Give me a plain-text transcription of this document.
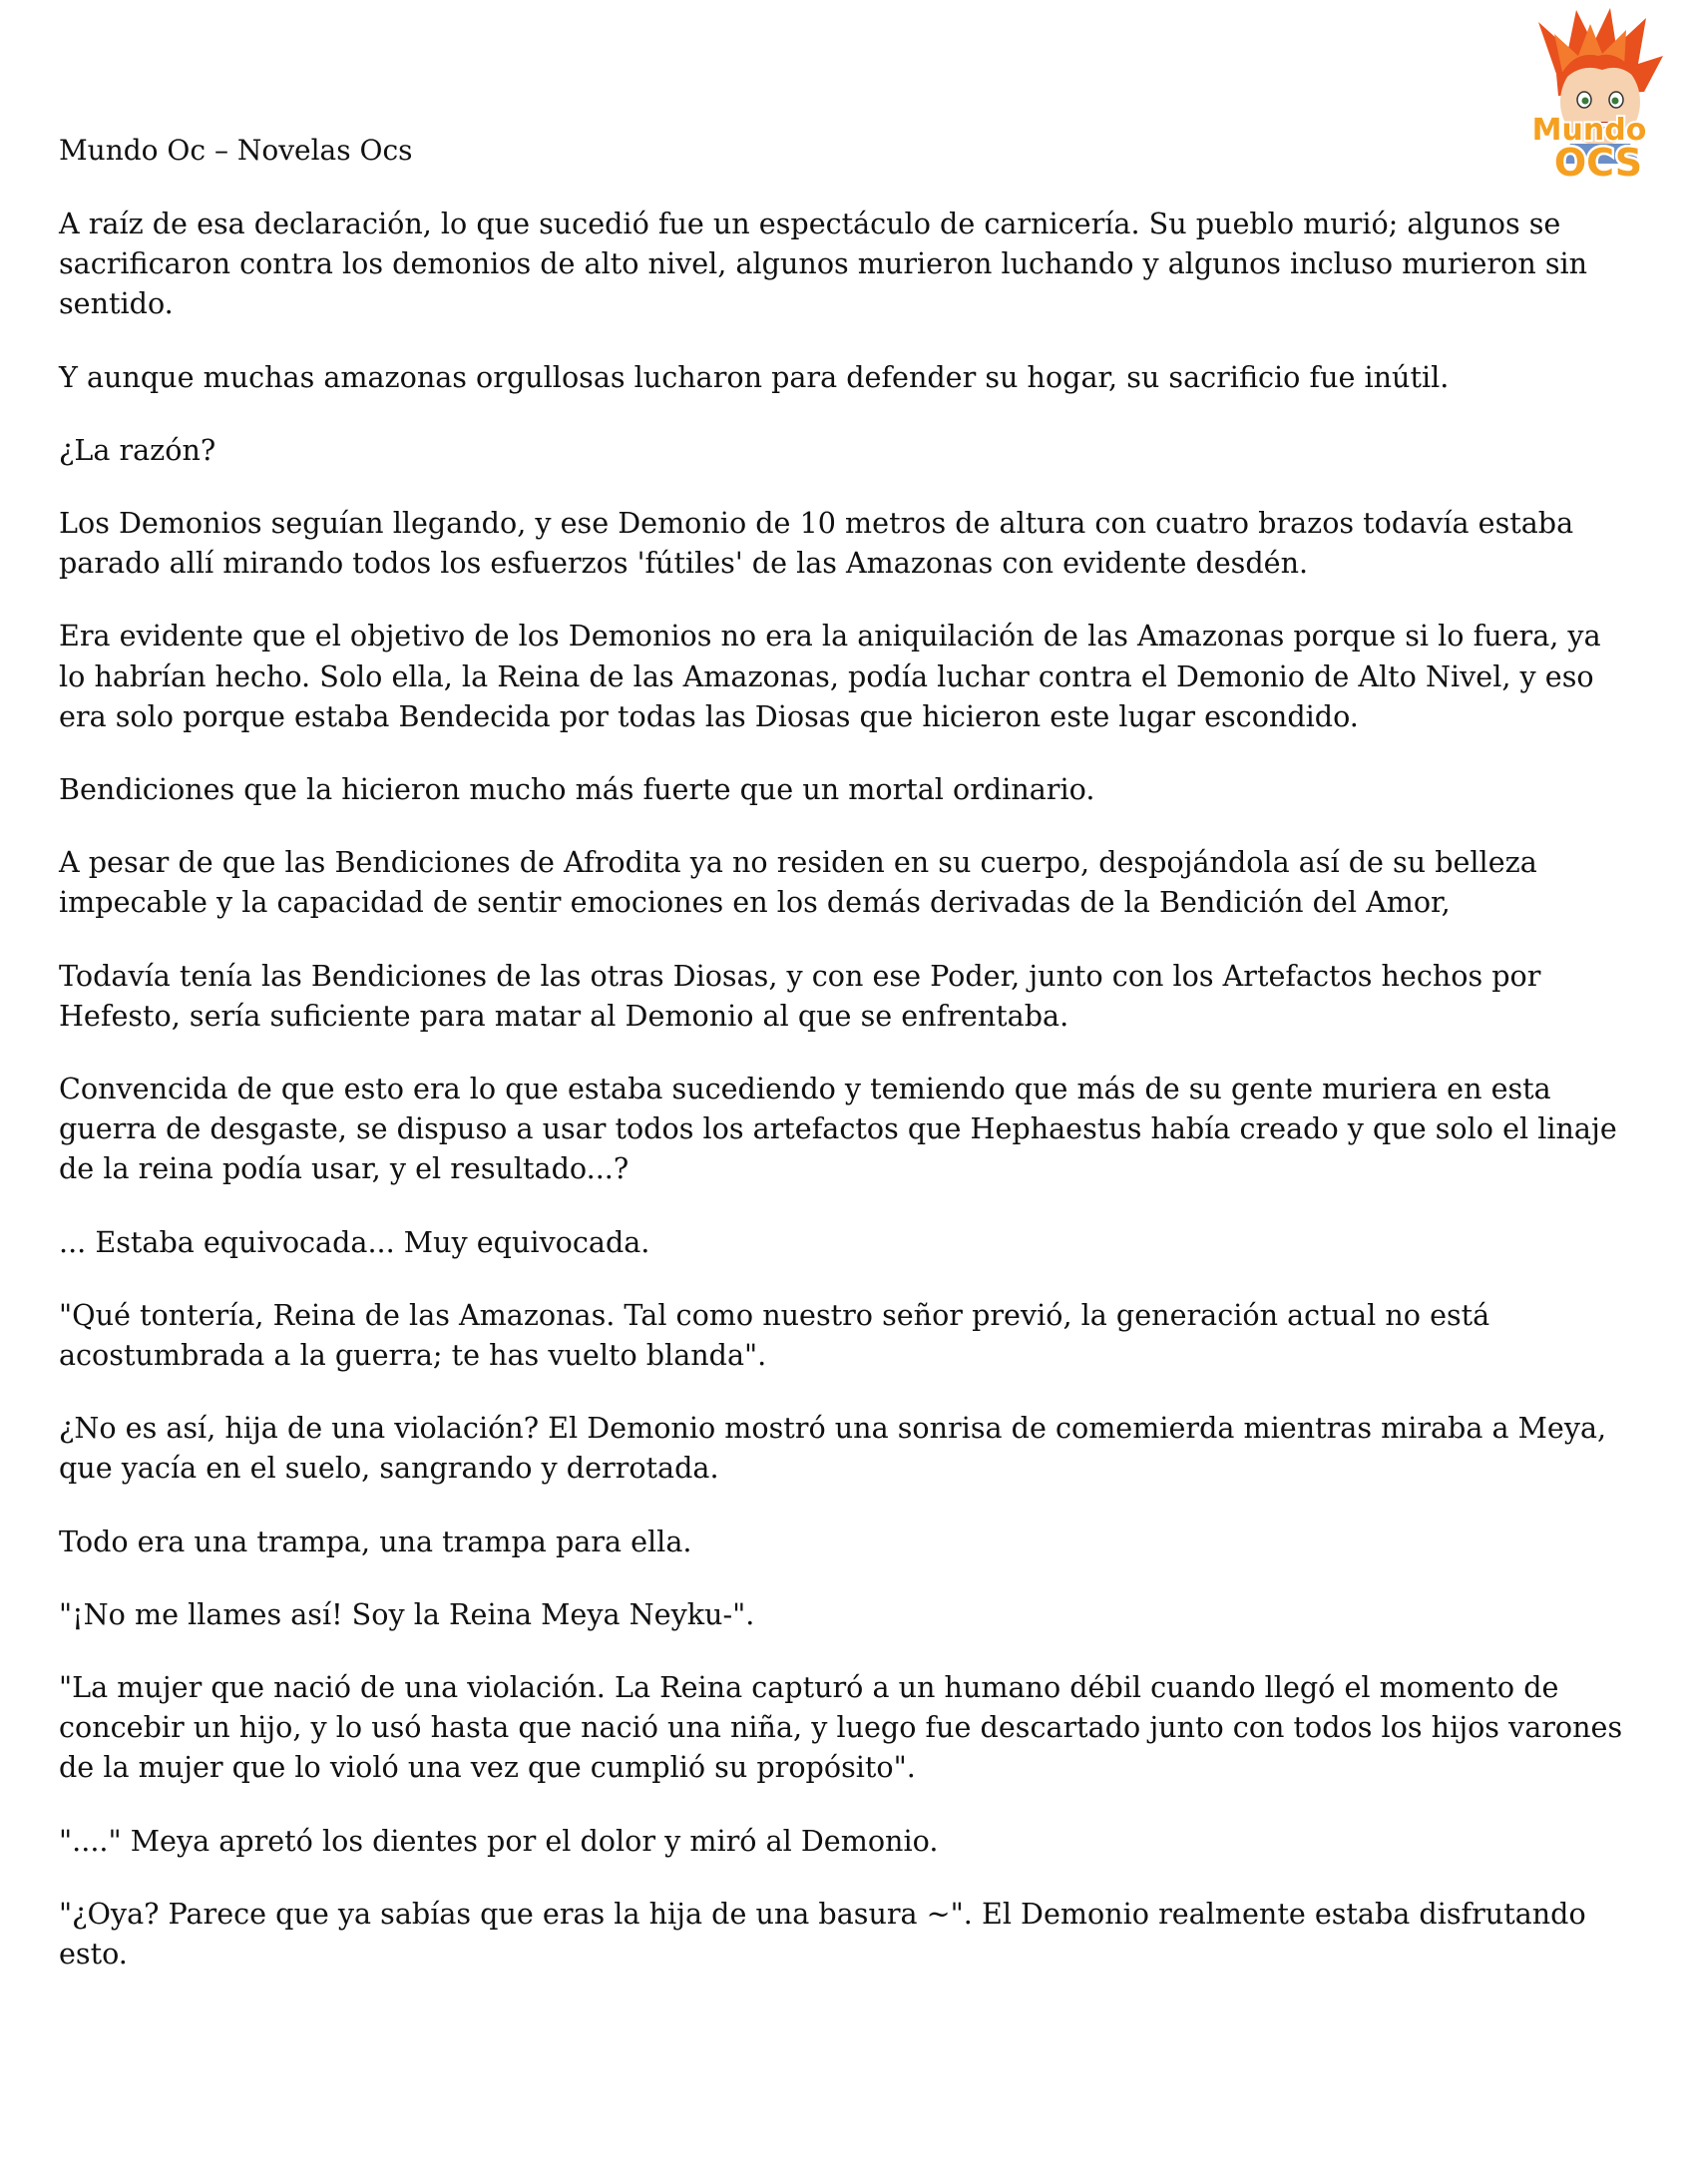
Mundo
OCS

Mundo Oc – Novelas Ocs

A raíz de esa declaración, lo que sucedió fue un espectáculo de carnicería. Su pueblo murió; algunos se sacrificaron contra los demonios de alto nivel, algunos murieron luchando y algunos incluso murieron sin sentido.

Y aunque muchas amazonas orgullosas lucharon para defender su hogar, su sacrificio fue inútil.

¿La razón?

Los Demonios seguían llegando, y ese Demonio de 10 metros de altura con cuatro brazos todavía estaba parado allí mirando todos los esfuerzos 'fútiles' de las Amazonas con evidente desdén.

Era evidente que el objetivo de los Demonios no era la aniquilación de las Amazonas porque si lo fuera, ya lo habrían hecho. Solo ella, la Reina de las Amazonas, podía luchar contra el Demonio de Alto Nivel, y eso era solo porque estaba Bendecida por todas las Diosas que hicieron este lugar escondido.

Bendiciones que la hicieron mucho más fuerte que un mortal ordinario.

A pesar de que las Bendiciones de Afrodita ya no residen en su cuerpo, despojándola así de su belleza impecable y la capacidad de sentir emociones en los demás derivadas de la Bendición del Amor,

Todavía tenía las Bendiciones de las otras Diosas, y con ese Poder, junto con los Artefactos hechos por Hefesto, sería suficiente para matar al Demonio al que se enfrentaba.

Convencida de que esto era lo que estaba sucediendo y temiendo que más de su gente muriera en esta guerra de desgaste, se dispuso a usar todos los artefactos que Hephaestus había creado y que solo el linaje de la reina podía usar, y el resultado...?

... Estaba equivocada... Muy equivocada.

"Qué tontería, Reina de las Amazonas. Tal como nuestro señor previó, la generación actual no está acostumbrada a la guerra; te has vuelto blanda".

¿No es así, hija de una violación? El Demonio mostró una sonrisa de comemierda mientras miraba a Meya, que yacía en el suelo, sangrando y derrotada.

Todo era una trampa, una trampa para ella.

"¡No me llames así! Soy la Reina Meya Neyku-".

"La mujer que nació de una violación. La Reina capturó a un humano débil cuando llegó el momento de concebir un hijo, y lo usó hasta que nació una niña, y luego fue descartado junto con todos los hijos varones de la mujer que lo violó una vez que cumplió su propósito".

"...." Meya apretó los dientes por el dolor y miró al Demonio.

"¿Oya? Parece que ya sabías que eras la hija de una basura ~". El Demonio realmente estaba disfrutando esto.
